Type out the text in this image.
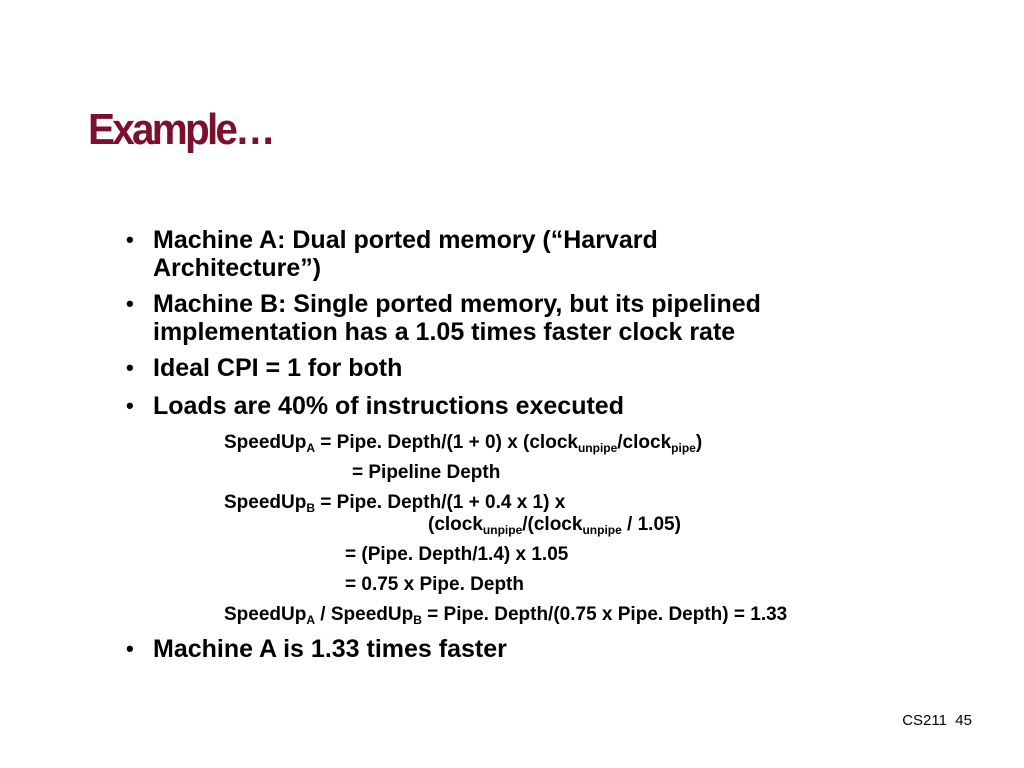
Example…
• Machine A: Dual ported memory (“Harvard Architecture”)
• Machine B: Single ported memory, but its pipelined implementation has a 1.05 times faster clock rate
• Ideal CPI = 1 for both
• Loads are 40% of instructions executed
SpeedUp$_A$ = Pipe. Depth/(1 + 0) x (clock$_{unpipe}$/clock$_{pipe}$)
= Pipeline Depth
SpeedUp$_B$ = Pipe. Depth/(1 + 0.4 x 1) x
(clock$_{unpipe}$/(clock$_{unpipe}$ / 1.05)
= (Pipe. Depth/1.4) x 1.05
= 0.75 x Pipe. Depth
SpeedUp$_A$ / SpeedUp$_B$ = Pipe. Depth/(0.75 x Pipe. Depth) = 1.33
• Machine A is 1.33 times faster
CS211  45
